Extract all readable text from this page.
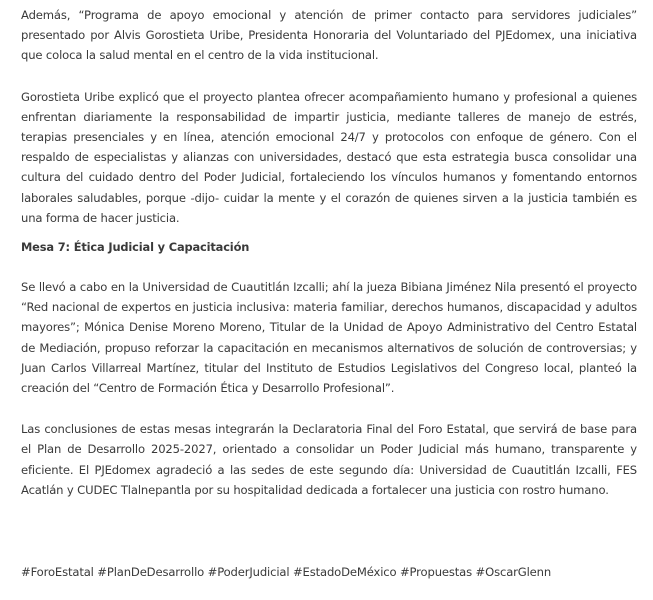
Además, “Programa de apoyo emocional y atención de primer contacto para servidores judiciales” presentado por Alvis Gorostieta Uribe, Presidenta Honoraria del Voluntariado del PJEdomex, una iniciativa que coloca la salud mental en el centro de la vida institucional.

Gorostieta Uribe explicó que el proyecto plantea ofrecer acompañamiento humano y profesional a quienes enfrentan diariamente la responsabilidad de impartir justicia, mediante talleres de manejo de estrés, terapias presenciales y en línea, atención emocional 24/7 y protocolos con enfoque de género. Con el respaldo de especialistas y alianzas con universidades, destacó que esta estrategia busca consolidar una cultura del cuidado dentro del Poder Judicial, fortaleciendo los vínculos humanos y fomentando entornos laborales saludables, porque -dijo- cuidar la mente y el corazón de quienes sirven a la justicia también es una forma de hacer justicia.

Mesa 7: Ética Judicial y Capacitación

Se llevó a cabo en la Universidad de Cuautitlán Izcalli; ahí la jueza Bibiana Jiménez Nila presentó el proyecto “Red nacional de expertos en justicia inclusiva: materia familiar, derechos humanos, discapacidad y adultos mayores”; Mónica Denise Moreno Moreno, Titular de la Unidad de Apoyo Administrativo del Centro Estatal de Mediación, propuso reforzar la capacitación en mecanismos alternativos de solución de controversias; y Juan Carlos Villarreal Martínez, titular del Instituto de Estudios Legislativos del Congreso local, planteó la creación del “Centro de Formación Ética y Desarrollo Profesional”.

Las conclusiones de estas mesas integrarán la Declaratoria Final del Foro Estatal, que servirá de base para el Plan de Desarrollo 2025-2027, orientado a consolidar un Poder Judicial más humano, transparente y eficiente. El PJEdomex agradeció a las sedes de este segundo día: Universidad de Cuautitlán Izcalli, FES Acatlán y CUDEC Tlalnepantla por su hospitalidad dedicada a fortalecer una justicia con rostro humano.

#ForoEstatal #PlanDeDesarrollo #PoderJudicial #EstadoDeMéxico #Propuestas #OscarGlenn
